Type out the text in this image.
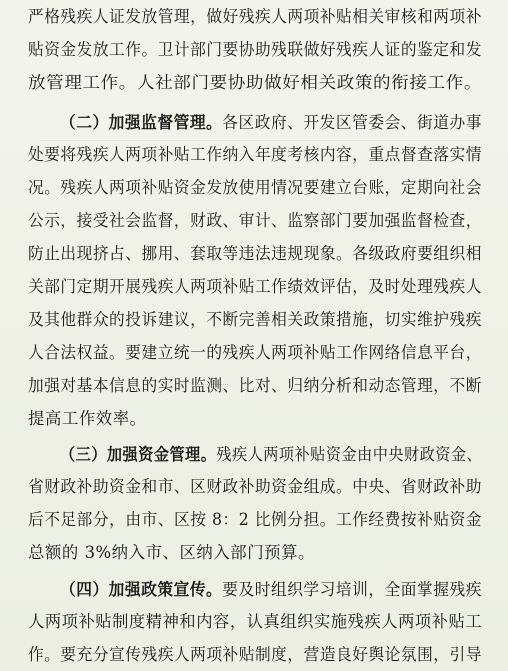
严格残疾人证发放管理，做好残疾人两项补贴相关审核和两项补
贴资金发放工作。卫计部门要协助残联做好残疾人证的鉴定和发
放管理工作。人社部门要协助做好相关政策的衔接工作。
（二）加强监督管理。各区政府、开发区管委会、街道办事
处要将残疾人两项补贴工作纳入年度考核内容，重点督查落实情
况。残疾人两项补贴资金发放使用情况要建立台账，定期向社会
公示，接受社会监督，财政、审计、监察部门要加强监督检查，
防止出现挤占、挪用、套取等违法违规现象。各级政府要组织相
关部门定期开展残疾人两项补贴工作绩效评估，及时处理残疾人
及其他群众的投诉建议，不断完善相关政策措施，切实维护残疾
人合法权益。要建立统一的残疾人两项补贴工作网络信息平台，
加强对基本信息的实时监测、比对、归纳分析和动态管理，不断
提高工作效率。
（三）加强资金管理。残疾人两项补贴资金由中央财政资金、
省财政补助资金和市、区财政补助资金组成。中央、省财政补助
后不足部分，由市、区按 8：2 比例分担。工作经费按补贴资金
总额的 3%纳入市、区纳入部门预算。
（四）加强政策宣传。要及时组织学习培训，全面掌握残疾
人两项补贴制度精神和内容，认真组织实施残疾人两项补贴工
作。要充分宣传残疾人两项补贴制度，营造良好舆论氛围，引导
